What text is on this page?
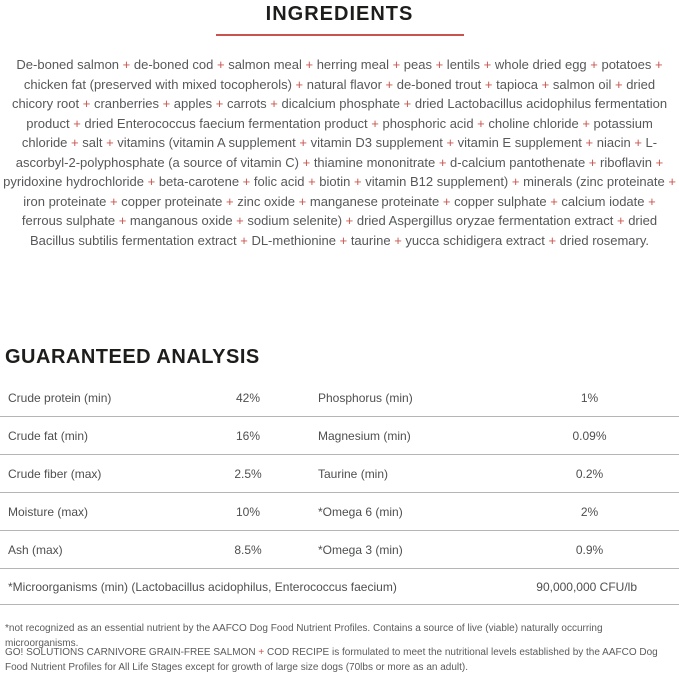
INGREDIENTS

De-boned salmon + de-boned cod + salmon meal + herring meal + peas + lentils + whole dried egg + potatoes + chicken fat (preserved with mixed tocopherols) + natural flavor + de-boned trout + tapioca + salmon oil + dried chicory root + cranberries + apples + carrots + dicalcium phosphate + dried Lactobacillus acidophilus fermentation product + dried Enterococcus faecium fermentation product + phosphoric acid + choline chloride + potassium chloride + salt + vitamins (vitamin A supplement + vitamin D3 supplement + vitamin E supplement + niacin + L-ascorbyl-2-polyphosphate (a source of vitamin C) + thiamine mononitrate + d-calcium pantothenate + riboflavin + pyridoxine hydrochloride + beta-carotene + folic acid + biotin + vitamin B12 supplement) + minerals (zinc proteinate + iron proteinate + copper proteinate + zinc oxide + manganese proteinate + copper sulphate + calcium iodate + ferrous sulphate + manganous oxide + sodium selenite) + dried Aspergillus oryzae fermentation extract + dried Bacillus subtilis fermentation extract + DL-methionine + taurine + yucca schidigera extract + dried rosemary.

GUARANTEED ANALYSIS
Crude protein (min)	42%	Phosphorus (min)	1%
Crude fat (min)	16%	Magnesium (min)	0.09%
Crude fiber (max)	2.5%	Taurine (min)	0.2%
Moisture (max)	10%	*Omega 6 (min)	2%
Ash (max)	8.5%	*Omega 3 (min)	0.9%
*Microorganisms (min) (Lactobacillus acidophilus, Enterococcus faecium)	90,000,000 CFU/lb

*not recognized as an essential nutrient by the AAFCO Dog Food Nutrient Profiles. Contains a source of live (viable) naturally occurring microorganisms.

GO! SOLUTIONS CARNIVORE GRAIN-FREE SALMON + COD RECIPE is formulated to meet the nutritional levels established by the AAFCO Dog Food Nutrient Profiles for All Life Stages except for growth of large size dogs (70lbs or more as an adult).
